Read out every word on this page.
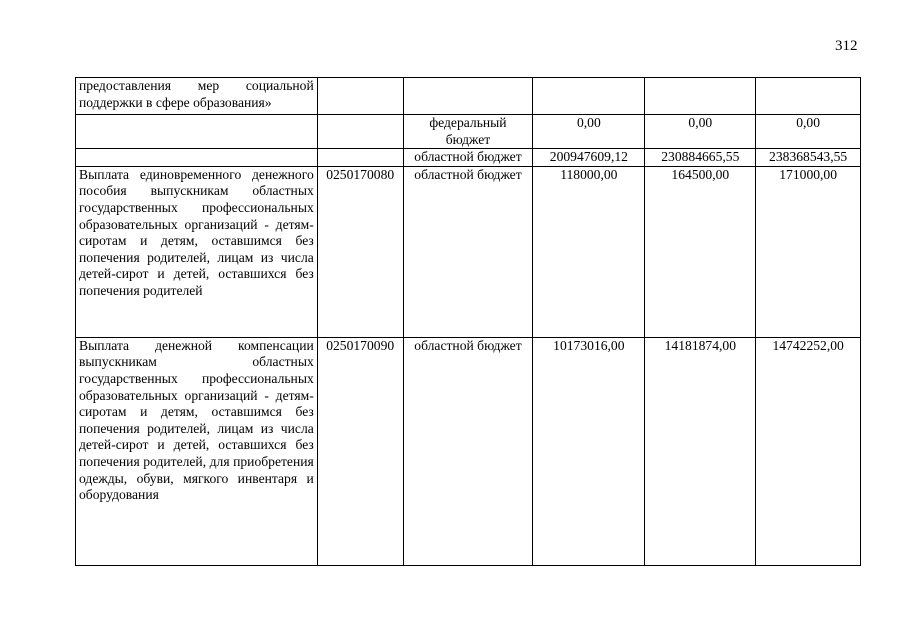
312
предоставления мер социальной поддержки в сфере образования»					

		федеральный бюджет	0,00	0,00	0,00

		областной бюджет	200947609,12	230884665,55	238368543,55

Выплата единовременного денежного пособия выпускникам областных государственных профессиональных образовательных организаций - детям-сиротам и детям, оставшимся без попечения родителей, лицам из числа детей-сирот и детей, оставшихся без попечения родителей	0250170080	областной бюджет	118000,00	164500,00	171000,00

Выплата денежной компенсации выпускникам областных государственных профессиональных образовательных организаций - детям-сиротам и детям, оставшимся без попечения родителей, лицам из числа детей-сирот и детей, оставшихся без попечения родителей, для приобретения одежды, обуви, мягкого инвентаря и оборудования	0250170090	областной бюджет	10173016,00	14181874,00	14742252,00
